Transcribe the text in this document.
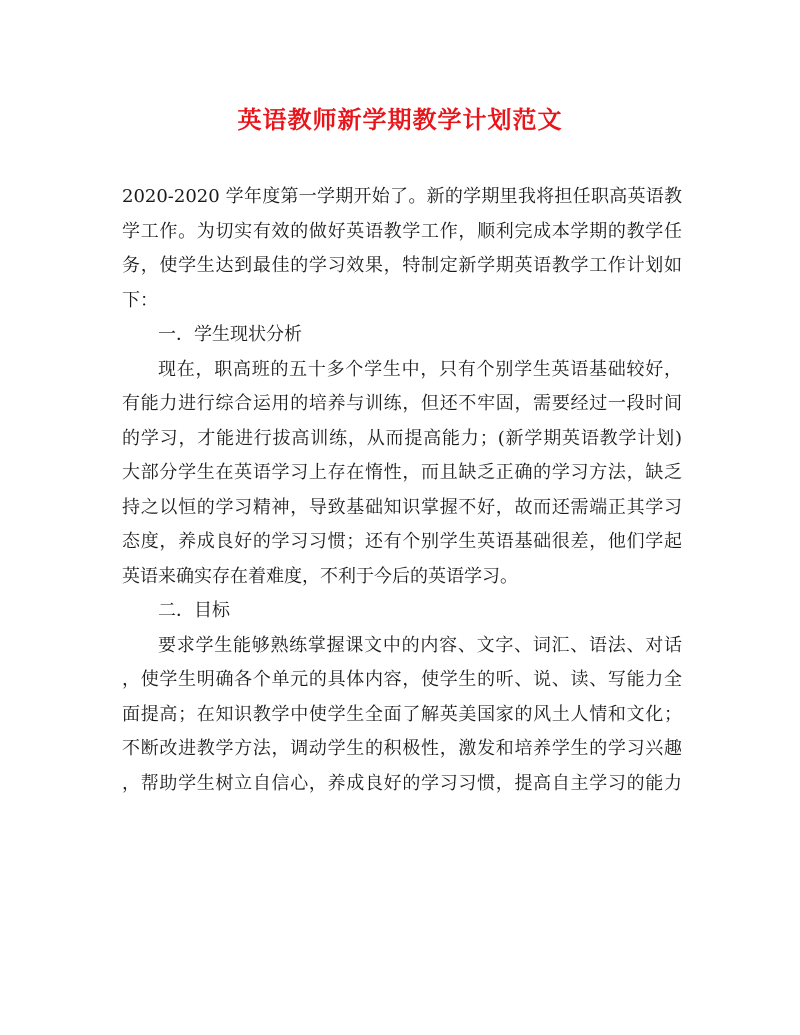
英语教师新学期教学计划范文
2020-2020 学年度第一学期开始了。新的学期里我将担任职高英语教
学工作。为切实有效的做好英语教学工作，顺利完成本学期的教学任
务，使学生达到最佳的学习效果，特制定新学期英语教学工作计划如
下：
一．学生现状分析
现在，职高班的五十多个学生中，只有个别学生英语基础较好，
有能力进行综合运用的培养与训练，但还不牢固，需要经过一段时间
的学习，才能进行拔高训练，从而提高能力；(新学期英语教学计划)
大部分学生在英语学习上存在惰性，而且缺乏正确的学习方法，缺乏
持之以恒的学习精神，导致基础知识掌握不好，故而还需端正其学习
态度，养成良好的学习习惯；还有个别学生英语基础很差，他们学起
英语来确实存在着难度，不利于今后的英语学习。
二．目标
要求学生能够熟练掌握课文中的内容、文字、词汇、语法、对话
，使学生明确各个单元的具体内容，使学生的听、说、读、写能力全
面提高；在知识教学中使学生全面了解英美国家的风土人情和文化；
不断改进教学方法，调动学生的积极性，激发和培养学生的学习兴趣
，帮助学生树立自信心，养成良好的学习习惯，提高自主学习的能力
